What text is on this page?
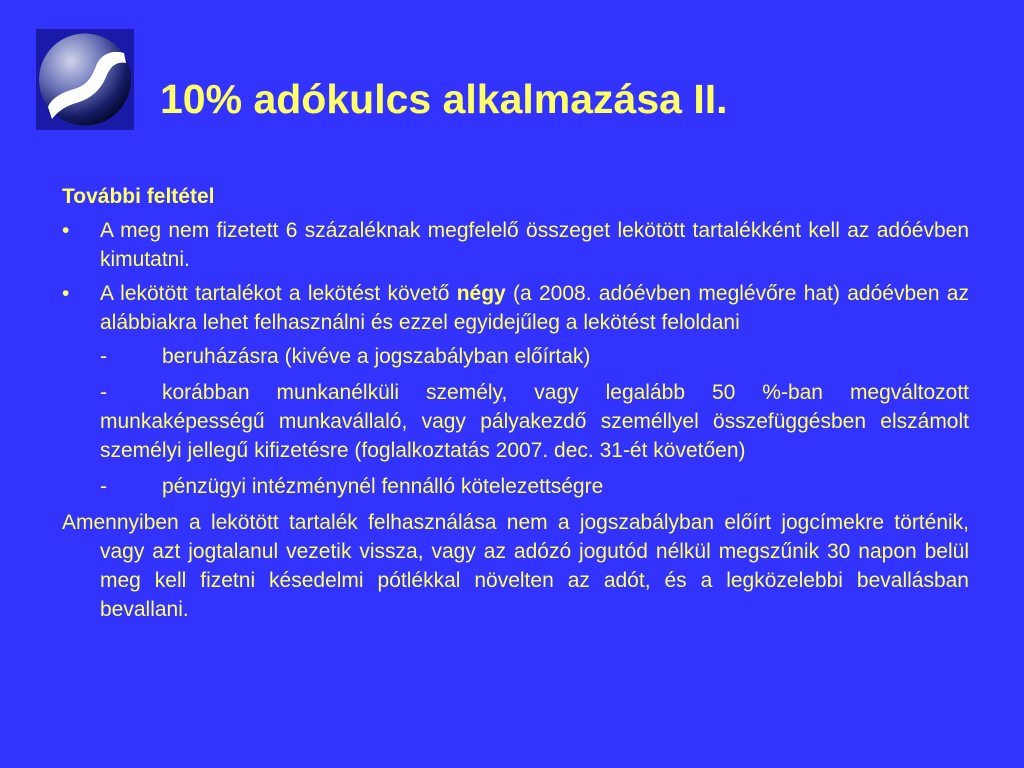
10% adókulcs alkalmazása II.

További feltétel

• A meg nem fizetett 6 százaléknak megfelelő összeget lekötött tartalékként kell az adóévben kimutatni.

• A lekötött tartalékot a lekötést követő négy (a 2008. adóévben meglévőre hat) adóévben az alábbiakra lehet felhasználni és ezzel egyidejűleg a lekötést feloldani

-	beruházásra (kivéve a jogszabályban előírtak)

-	korábban munkanélküli személy, vagy legalább 50 %-ban megváltozott munkaképességű munkavállaló, vagy pályakezdő személlyel összefüggésben elszámolt személyi jellegű kifizetésre (foglalkoztatás 2007. dec. 31-ét követően)

-	pénzügyi intézménynél fennálló kötelezettségre

Amennyiben a lekötött tartalék felhasználása nem a jogszabályban előírt jogcímekre történik, vagy azt jogtalanul vezetik vissza, vagy az adózó jogutód nélkül megszűnik 30 napon belül meg kell fizetni késedelmi pótlékkal növelten az adót, és a legközelebbi bevallásban bevallani.
